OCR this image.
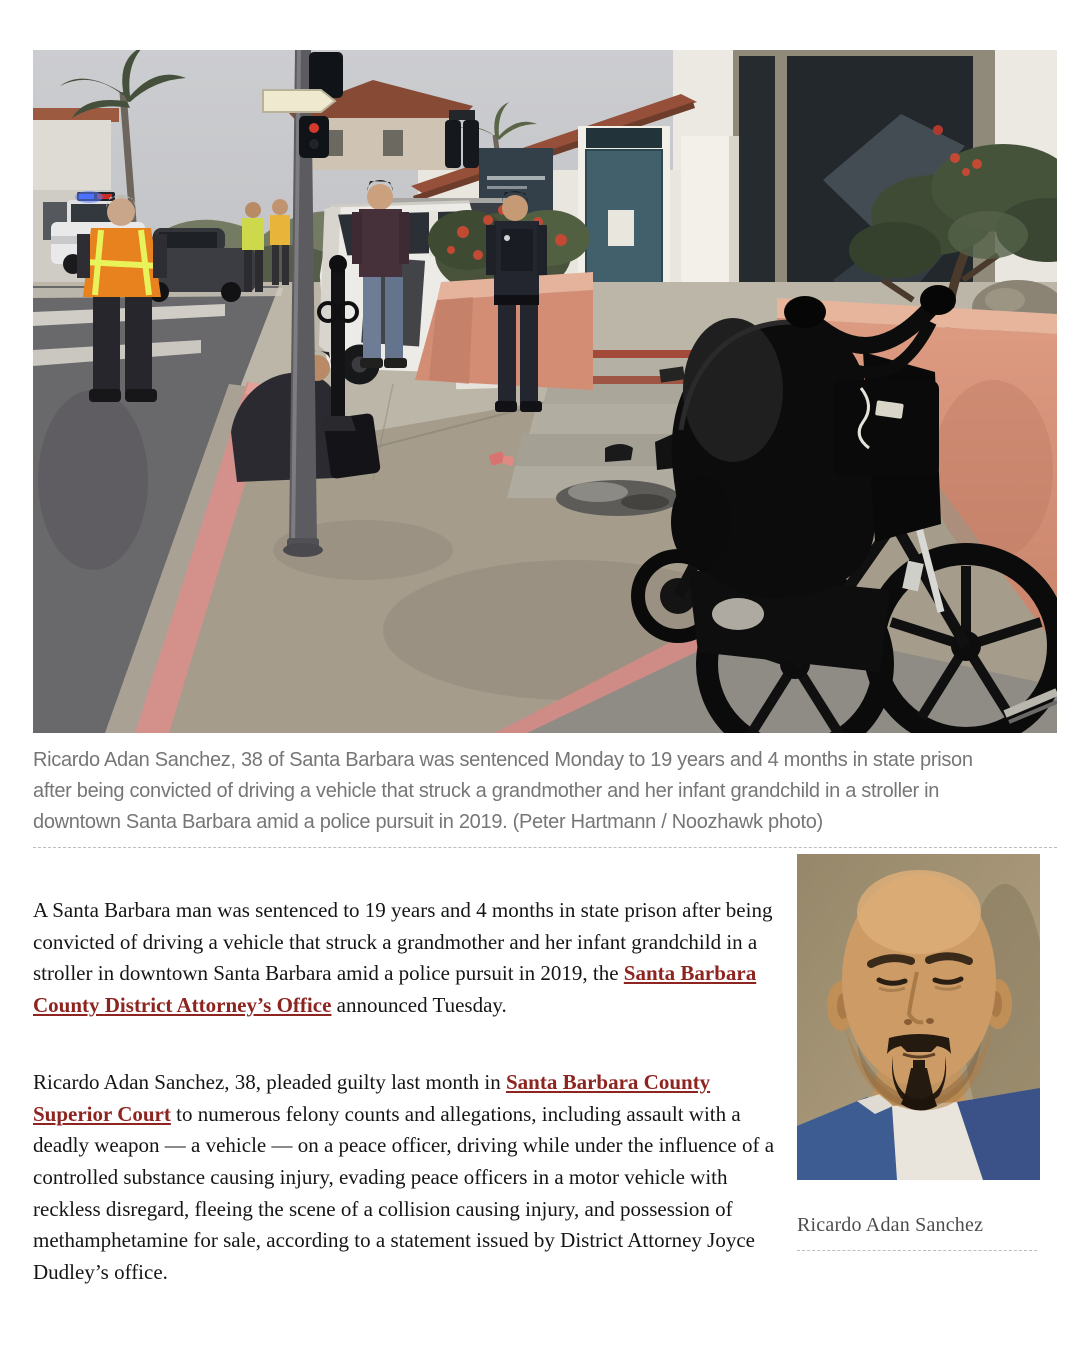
Ricardo Adan Sanchez, 38 of Santa Barbara was sentenced Monday to 19 years and 4 months in state prison
after being convicted of driving a vehicle that struck a grandmother and her infant grandchild in a stroller in
downtown Santa Barbara amid a police pursuit in 2019. (Peter Hartmann / Noozhawk photo)

A Santa Barbara man was sentenced to 19 years and 4 months in state prison after being convicted of driving a vehicle that struck a grandmother and her infant grandchild in a stroller in downtown Santa Barbara amid a police pursuit in 2019, the Santa Barbara County District Attorney’s Office announced Tuesday.

Ricardo Adan Sanchez, 38, pleaded guilty last month in Santa Barbara County Superior Court to numerous felony counts and allegations, including assault with a deadly weapon — a vehicle — on a peace officer, driving while under the influence of a controlled substance causing injury, evading peace officers in a motor vehicle with reckless disregard, fleeing the scene of a collision causing injury, and possession of methamphetamine for sale, according to a statement issued by District Attorney Joyce Dudley’s office.

Ricardo Adan Sanchez
